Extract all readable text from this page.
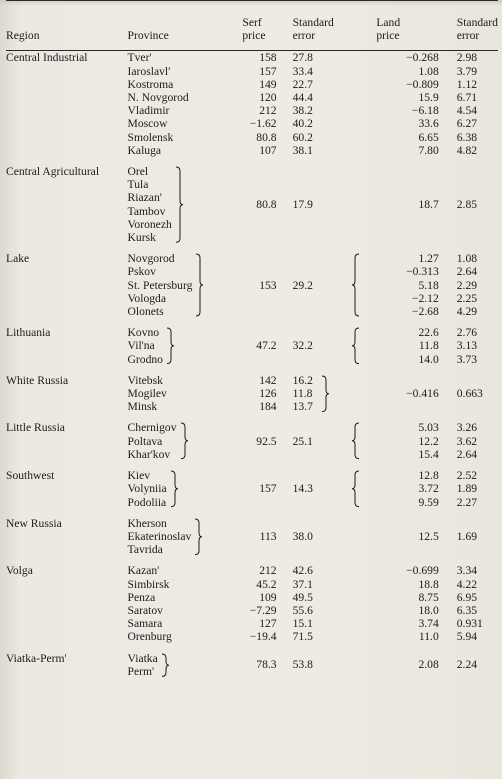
		Serf	Standard	Land	Standard
Region	Province	price	error	price	error
Central Industrial	Tver'	158	27.8	−0.268	2.98
	Iaroslavl'	157	33.4	1.08	3.79
	Kostroma	149	22.7	−0.809	1.12
	N. Novgorod	120	44.4	15.9	6.71
	Vladimir	212	38.2	−6.18	4.54
	Moscow	−1.62	40.2	33.6	6.27
	Smolensk	80.8	60.2	6.65	6.38
	Kaluga	107	38.1	7.80	4.82

Central Agricultural	Orel	80.8	17.9	18.7	2.85
	Tula				
	Riazan'				
	Tambov				
	Voronezh				
	Kursk				

Lake	Novgorod	153	29.2	1.27	1.08
	Pskov			−0.313	2.64
	St. Petersburg			5.18	2.29
	Vologda			−2.12	2.25
	Olonets			−2.68	4.29

Lithuania	Kovno	47.2	32.2	22.6	2.76
	Vil'na			11.8	3.13
	Grodno			14.0	3.73

White Russia	Vitebsk	142	16.2	−0.416	0.663
	Mogilev	126	11.8		
	Minsk	184	13.7		

Little Russia	Chernigov	92.5	25.1	5.03	3.26
	Poltava			12.2	3.62
	Khar'kov			15.4	2.64

Southwest	Kiev	157	14.3	12.8	2.52
	Volyniia			3.72	1.89
	Podoliia			9.59	2.27

New Russia	Kherson	113	38.0	12.5	1.69
	Ekaterinoslav				
	Tavrida				

Volga	Kazan'	212	42.6	−0.699	3.34
	Simbirsk	45.2	37.1	18.8	4.22
	Penza	109	49.5	8.75	6.95
	Saratov	−7.29	55.6	18.0	6.35
	Samara	127	15.1	3.74	0.931
	Orenburg	−19.4	71.5	11.0	5.94

Viatka-Perm'	Viatka	78.3	53.8	2.08	2.24
	Perm'				
